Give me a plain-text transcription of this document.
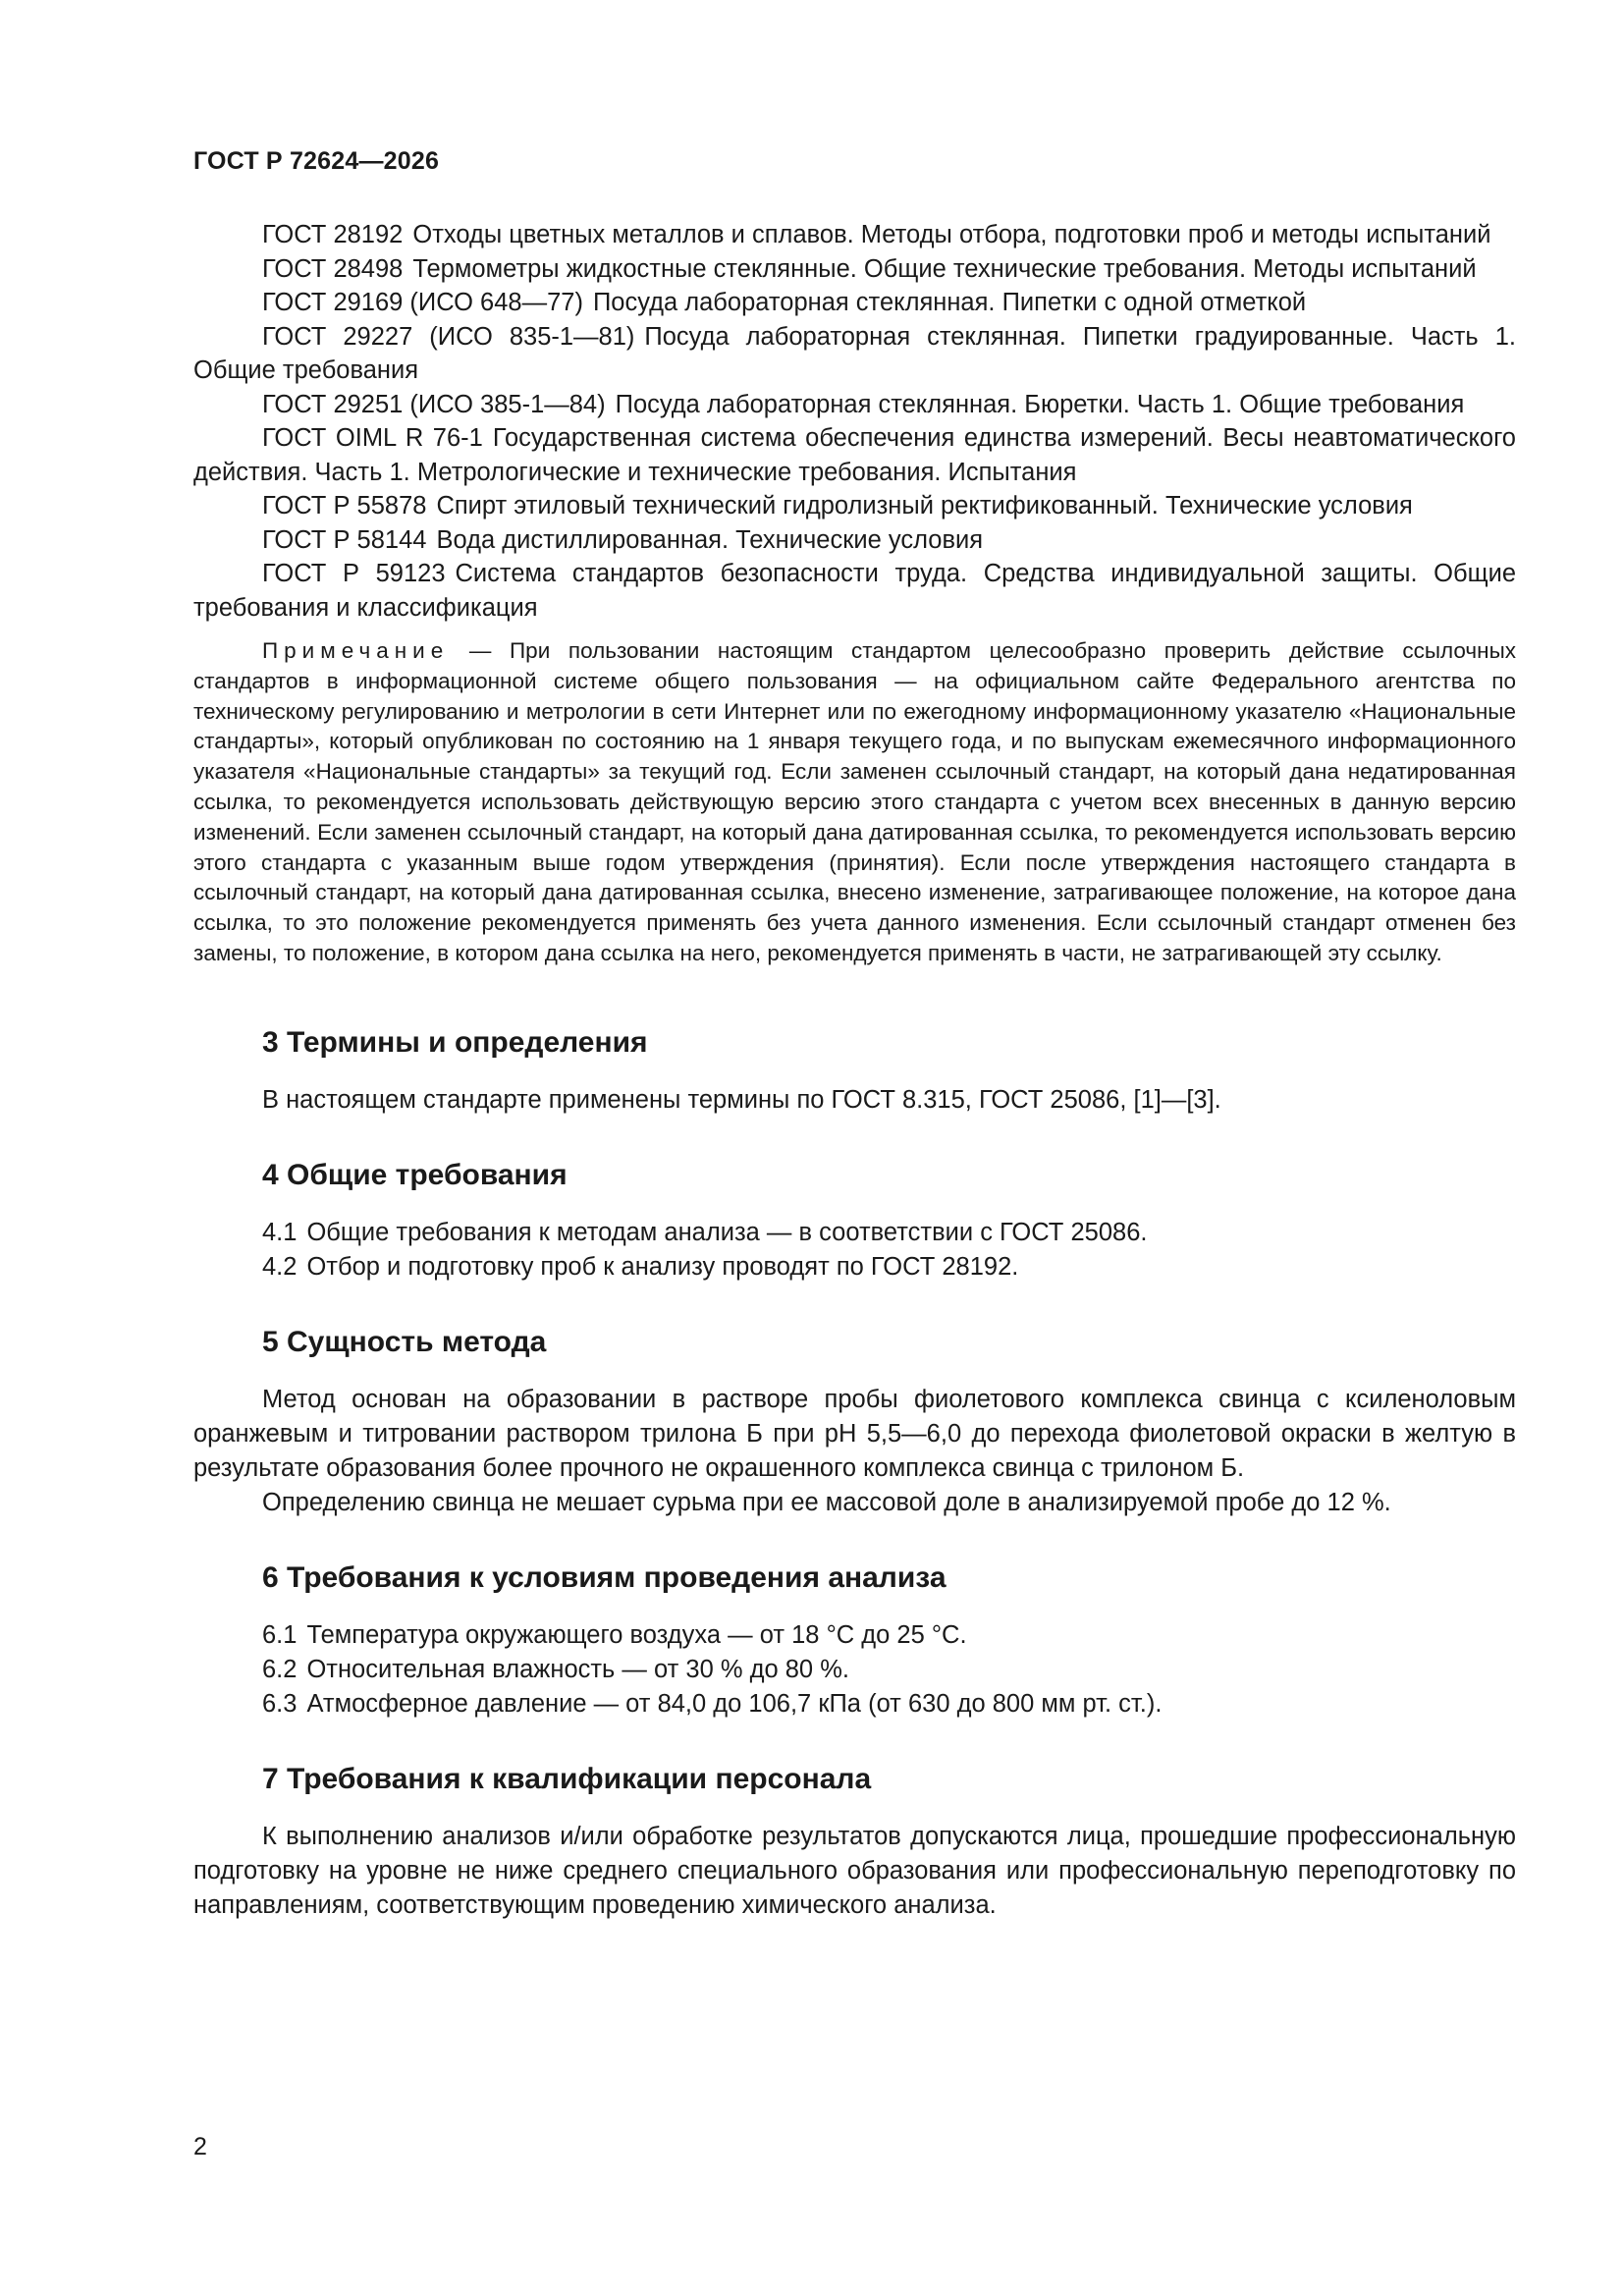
ГОСТ Р 72624—2026

ГОСТ 28192 Отходы цветных металлов и сплавов. Методы отбора, подготовки проб и методы испытаний

ГОСТ 28498 Термометры жидкостные стеклянные. Общие технические требования. Методы испытаний

ГОСТ 29169 (ИСО 648—77) Посуда лабораторная стеклянная. Пипетки с одной отметкой

ГОСТ 29227 (ИСО 835-1—81) Посуда лабораторная стеклянная. Пипетки градуированные. Часть 1. Общие требования

ГОСТ 29251 (ИСО 385-1—84) Посуда лабораторная стеклянная. Бюретки. Часть 1. Общие требования

ГОСТ OIML R 76-1 Государственная система обеспечения единства измерений. Весы неавтоматического действия. Часть 1. Метрологические и технические требования. Испытания

ГОСТ Р 55878 Спирт этиловый технический гидролизный ректификованный. Технические условия

ГОСТ Р 58144 Вода дистиллированная. Технические условия

ГОСТ Р 59123 Система стандартов безопасности труда. Средства индивидуальной защиты. Общие требования и классификация

Примечание — При пользовании настоящим стандартом целесообразно проверить действие ссылочных стандартов в информационной системе общего пользования — на официальном сайте Федерального агентства по техническому регулированию и метрологии в сети Интернет или по ежегодному информационному указателю «Национальные стандарты», который опубликован по состоянию на 1 января текущего года, и по выпускам ежемесячного информационного указателя «Национальные стандарты» за текущий год. Если заменен ссылочный стандарт, на который дана недатированная ссылка, то рекомендуется использовать действующую версию этого стандарта с учетом всех внесенных в данную версию изменений. Если заменен ссылочный стандарт, на который дана датированная ссылка, то рекомендуется использовать версию этого стандарта с указанным выше годом утверждения (принятия). Если после утверждения настоящего стандарта в ссылочный стандарт, на который дана датированная ссылка, внесено изменение, затрагивающее положение, на которое дана ссылка, то это положение рекомендуется применять без учета данного изменения. Если ссылочный стандарт отменен без замены, то положение, в котором дана ссылка на него, рекомендуется применять в части, не затрагивающей эту ссылку.
3 Термины и определения

В настоящем стандарте применены термины по ГОСТ 8.315, ГОСТ 25086, [1]—[3].

4 Общие требования

4.1 Общие требования к методам анализа — в соответствии с ГОСТ 25086.

4.2 Отбор и подготовку проб к анализу проводят по ГОСТ 28192.

5 Сущность метода

Метод основан на образовании в растворе пробы фиолетового комплекса свинца с ксиленоловым оранжевым и титровании раствором трилона Б при рН 5,5—6,0 до перехода фиолетовой окраски в желтую в результате образования более прочного не окрашенного комплекса свинца с трилоном Б.

Определению свинца не мешает сурьма при ее массовой доле в анализируемой пробе до 12 %.

6 Требования к условиям проведения анализа

6.1 Температура окружающего воздуха — от 18 °С до 25 °С.

6.2 Относительная влажность — от 30 % до 80 %.

6.3 Атмосферное давление — от 84,0 до 106,7 кПа (от 630 до 800 мм рт. ст.).

7 Требования к квалификации персонала

К выполнению анализов и/или обработке результатов допускаются лица, прошедшие профессиональную подготовку на уровне не ниже среднего специального образования или профессиональную переподготовку по направлениям, соответствующим проведению химического анализа.

2
